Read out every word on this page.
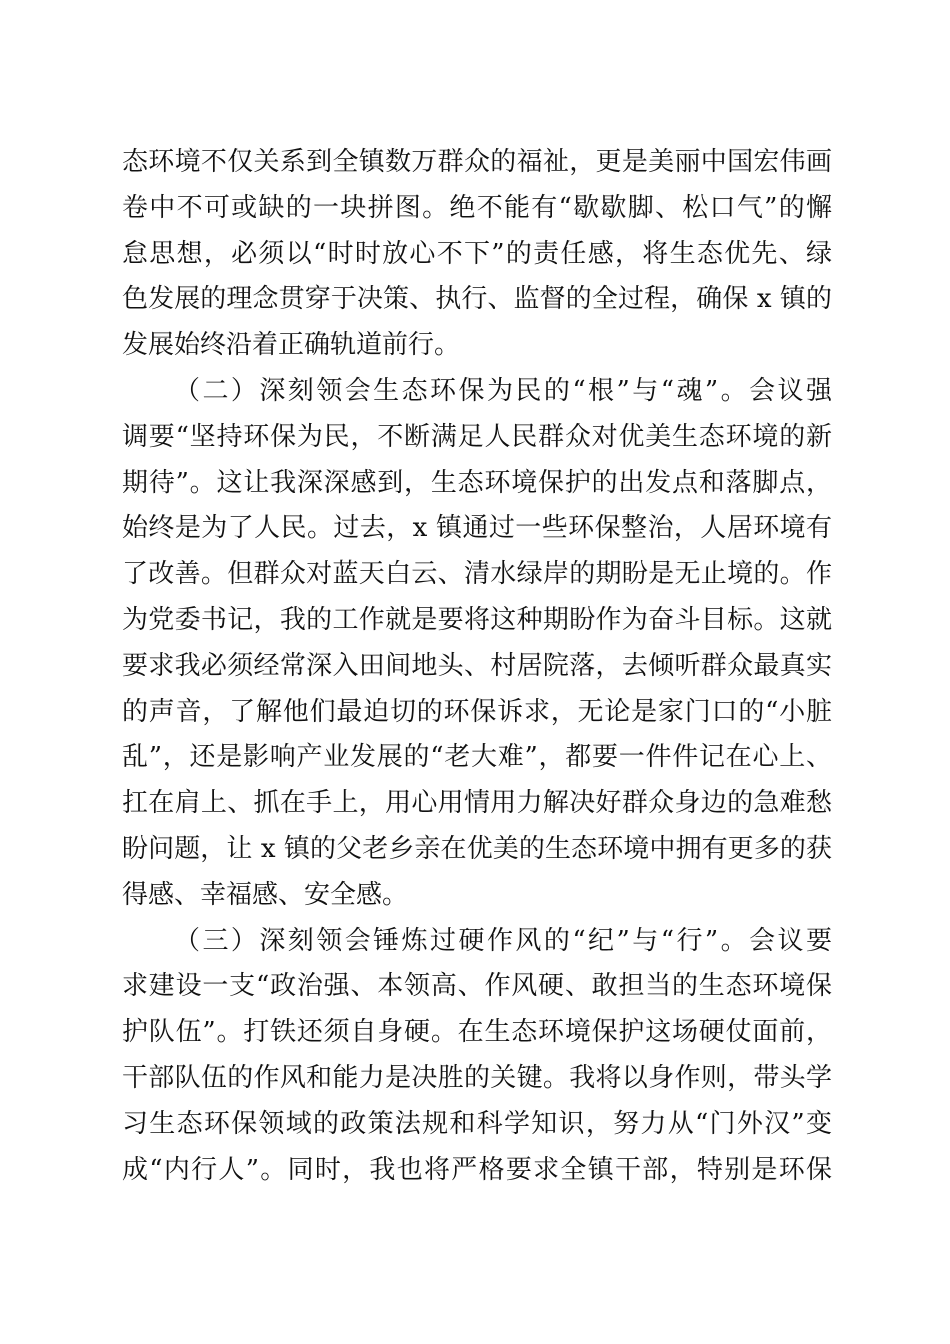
态环境不仅关系到全镇数万群众的福祉，更是美丽中国宏伟画
卷中不可或缺的一块拼图。绝不能有“歇歇脚、松口气”的懈
怠思想，必须以“时时放心不下”的责任感，将生态优先、绿
色发展的理念贯穿于决策、执行、监督的全过程，确保 x 镇的
发展始终沿着正确轨道前行。
（二）深刻领会生态环保为民的“根”与“魂”。会议强
调要“坚持环保为民，不断满足人民群众对优美生态环境的新
期待”。这让我深深感到，生态环境保护的出发点和落脚点，
始终是为了人民。过去，x 镇通过一些环保整治，人居环境有
了改善。但群众对蓝天白云、清水绿岸的期盼是无止境的。作
为党委书记，我的工作就是要将这种期盼作为奋斗目标。这就
要求我必须经常深入田间地头、村居院落，去倾听群众最真实
的声音，了解他们最迫切的环保诉求，无论是家门口的“小脏
乱”，还是影响产业发展的“老大难”，都要一件件记在心上、
扛在肩上、抓在手上，用心用情用力解决好群众身边的急难愁
盼问题，让 x 镇的父老乡亲在优美的生态环境中拥有更多的获
得感、幸福感、安全感。
（三）深刻领会锤炼过硬作风的“纪”与“行”。会议要
求建设一支“政治强、本领高、作风硬、敢担当的生态环境保
护队伍”。打铁还须自身硬。在生态环境保护这场硬仗面前，
干部队伍的作风和能力是决胜的关键。我将以身作则，带头学
习生态环保领域的政策法规和科学知识，努力从“门外汉”变
成“内行人”。同时，我也将严格要求全镇干部，特别是环保
